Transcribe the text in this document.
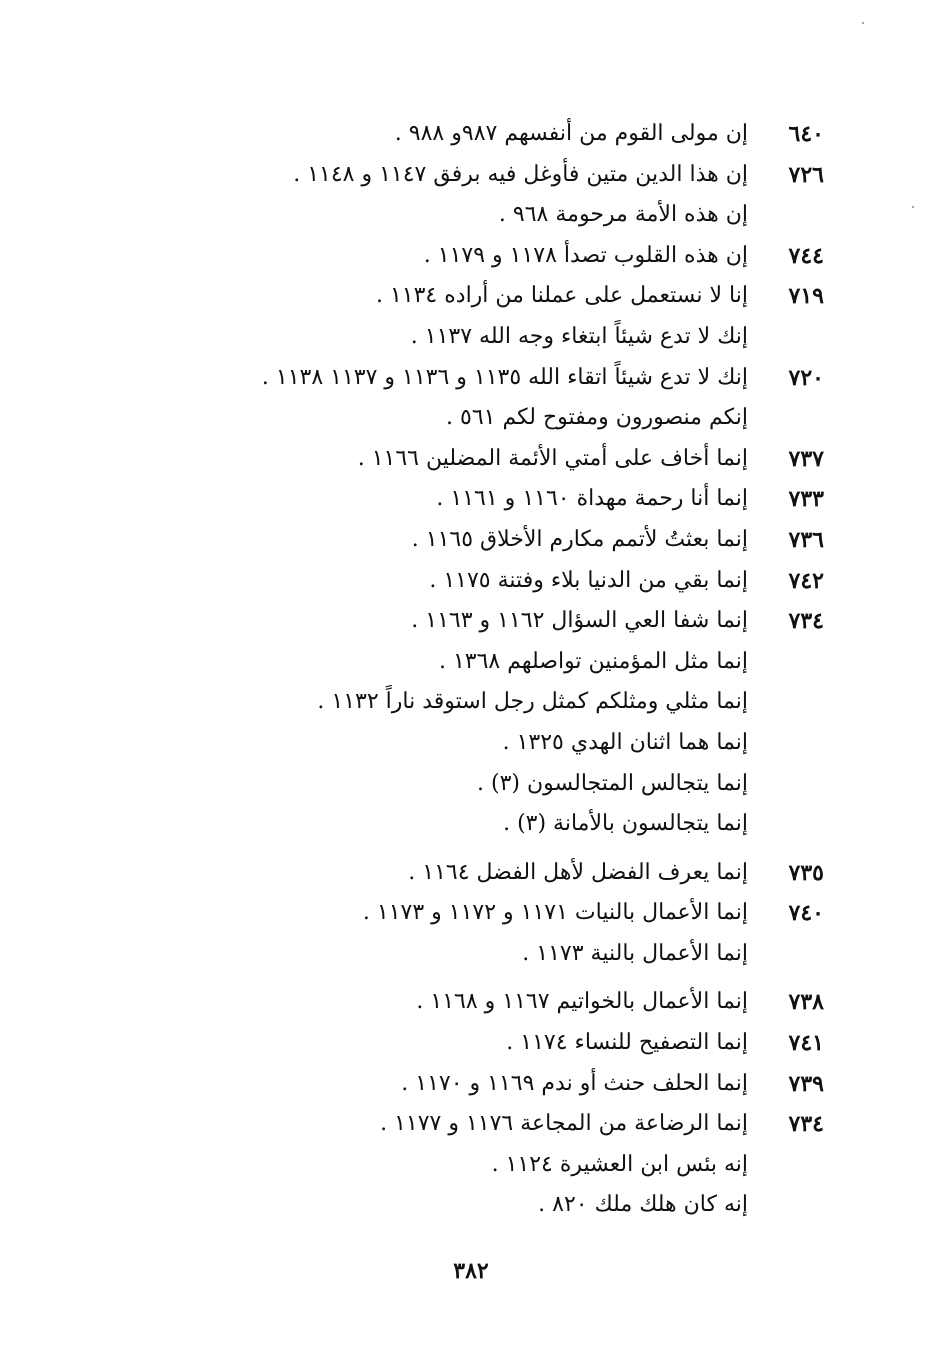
٦٤٠
إن مولى القوم من أنفسهم ٩٨٧و ٩٨٨ .
٧٢٦
إن هذا الدين متين فأوغل فيه برفق ١١٤٧ و ١١٤٨ .
إن هذه الأمة مرحومة ٩٦٨ .
٧٤٤
إن هذه القلوب تصدأ ١١٧٨ و ١١٧٩ .
٧١٩
إنا لا نستعمل على عملنا من أراده ١١٣٤ .
إنك لا تدع شيئاً ابتغاء وجه الله ١١٣٧ .
٧٢٠
إنك لا تدع شيئاً اتقاء الله ١١٣٥ و ١١٣٦ و ١١٣٧ ١١٣٨ .
إنكم منصورون ومفتوح لكم ٥٦١ .
٧٣٧
إنما أخاف على أمتي الأئمة المضلين ١١٦٦ .
٧٣٣
إنما أنا رحمة مهداة ١١٦٠ و ١١٦١ .
٧٣٦
إنما بعثتُ لأتمم مكارم الأخلاق ١١٦٥ .
٧٤٢
إنما بقي من الدنيا بلاء وفتنة ١١٧٥ .
٧٣٤
إنما شفا العي السؤال ١١٦٢ و ١١٦٣ .
إنما مثل المؤمنين تواصلهم ١٣٦٨ .
إنما مثلي ومثلكم كمثل رجل استوقد ناراً ١١٣٢ .
إنما هما اثنان الهدي ١٣٢٥ .
إنما يتجالس المتجالسون (٣) .
إنما يتجالسون بالأمانة (٣) .
٧٣٥
إنما يعرف الفضل لأهل الفضل ١١٦٤ .
٧٤٠
إنما الأعمال بالنيات ١١٧١ و ١١٧٢ و ١١٧٣ .
إنما الأعمال بالنية ١١٧٣ .
٧٣٨
إنما الأعمال بالخواتيم ١١٦٧ و ١١٦٨ .
٧٤١
إنما التصفيح للنساء ١١٧٤ .
٧٣٩
إنما الحلف حنث أو ندم ١١٦٩ و ١١٧٠ .
٧٣٤
إنما الرضاعة من المجاعة ١١٧٦ و ١١٧٧ .
إنه بئس ابن العشيرة ١١٢٤ .
إنه كان هلك ملك ٨٢٠ .
٣٨٢
